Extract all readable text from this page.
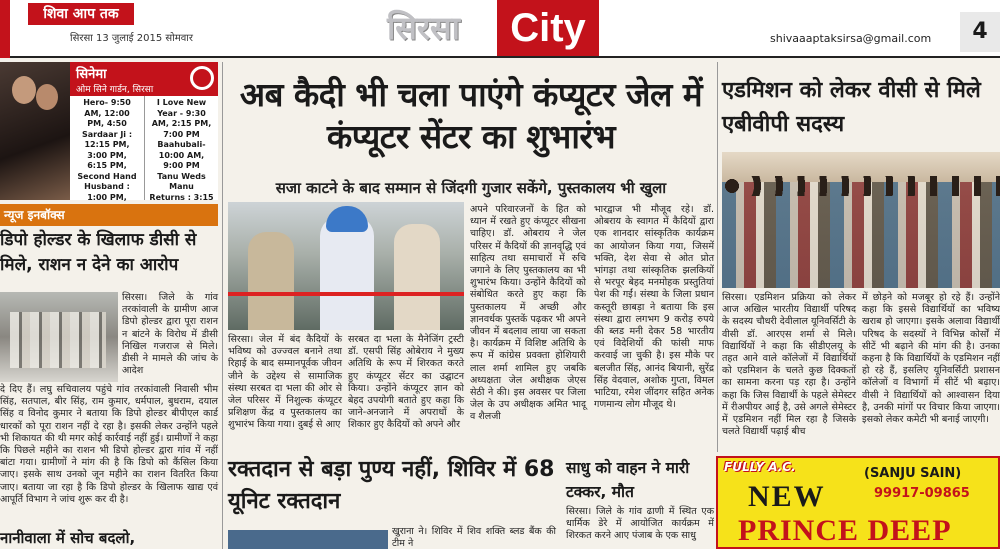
शिवा आप तक
सिरसा 13 जुलाई 2015 सोमवार	सिरसा	City	shivaaaptaksirsa@gmail.com	4
सिनेमा
ओम सिने गार्डन, सिरसा
Hero- 9:50
AM, 12:00
PM, 4:50
Sardaar Ji :
12:15 PM,
3:00 PM,
6:15 PM,
Second Hand
Husband :
1:00 PM,
I Love New
Year - 9:30
AM, 2:15 PM,
7:00 PM
Baahubali-
10:00 AM,
9:00 PM
Tanu Weds
Manu
Returns : 3:15
न्यूज इनबॉक्स
डिपो होल्डर के खिलाफ डीसी से मिले, राशन न देने का आरोप
सिरसा। जिले के गांव तरकांवाली के ग्रामीण आज डिपो होल्डर द्वारा पूरा राशन न बांटने के विरोध में डीसी निखिल गजराज से मिले। डीसी ने मामले की जांच के आदेश
दे दिए हैं। लघु सचिवालय पहुंचे गांव तरकांवाली निवासी भीम सिंह, सतपाल, बीर सिंह, राम कुमार, धर्मपाल, बुधराम, दयाल सिंह व विनोद कुमार ने बताया कि डिपो होल्डर बीपीएल कार्ड धारकों को पूरा राशन नहीं दे रहा है। इसकी लेकर उन्होंने पहले भी शिकायत की थी मगर कोई कार्रवाई नहीं हुई। ग्रामीणों ने कहा कि पिछले महीने का राशन भी डिपो होल्डर द्वारा गांव में नहीं बांटा गया। ग्रामीणों ने मांग की है कि डिपो को कैंसिल किया जाए। इसके साथ उनको जून महीने का राशन वितरित किया जाए। बताया जा रहा है कि डिपो होल्डर के खिलाफ खाद्य एवं आपूर्ति विभाग ने जांच शुरू कर दी है।
नानीवाला में सोच बदलो,
अब कैदी भी चला पाएंगे कंप्यूटर जेल में कंप्यूटर सेंटर का शुभारंभ
सजा काटने के बाद सम्मान से जिंदगी गुजार सकेंगे, पुस्तकालय भी खुला
सिरसा। जेल में बंद कैदियों के भविष्य को उज्ज्वल बनाने तथा रिहाई के बाद सम्मानपूर्वक जीवन जीने के उद्देश्य से सामाजिक संस्था सरबत दा भला की ओर से जेल परिसर में निशुल्क कंप्यूटर प्रशिक्षण केंद्र व पुस्तकालय का शुभारंभ किया गया। दुबई से आए
सरबत दा भला के मैनेजिंग ट्रस्टी डॉ. एसपी सिंह ओबेराय ने मुख्य अतिथि के रूप में शिरकत करते हुए कंप्यूटर सेंटर का उद्घाटन किया। उन्होंने कंप्यूटर ज्ञान को बेहद उपयोगी बताते हुए कहा कि जाने-अनजाने में अपराधों के शिकार हुए कैदियों को अपने और
अपने परिवारजनों के हित को ध्यान में रखते हुए कंप्यूटर सीखना चाहिए। डॉ. ओबराय ने जेल परिसर में कैदियों की ज्ञानवृद्धि एवं साहित्य तथा समाचारों में रुचि जगाने के लिए पुस्तकालय का भी शुभारंभ किया। उन्होंने कैदियों को संबोधित करते हुए कहा कि पुस्तकालय में अच्छी और ज्ञानवर्धक पुस्तकें पढ़कर भी अपने जीवन में बदलाव लाया जा सकता है। कार्यक्रम में विशिष्ट अतिथि के रूप में कांग्रेस प्रवक्ता होशियारी लाल शर्मा शामिल हुए जबकि अध्यक्षता जेल अधीक्षक जेएस सेठी ने की। इस अवसर पर जिला जेल के उप अधीक्षक अमित भादू व शैलजी
भारद्वाज भी मौजूद रहे। डॉ. ओबराय के स्वागत में कैदियों द्वारा एक शानदार सांस्कृतिक कार्यक्रम का आयोजन किया गया, जिसमें भक्ति, देश सेवा से ओत प्रोत भांगड़ा तथा सांस्कृतिक झलकियों से भरपूर बेहद मनमोहक प्रस्तुतियां पेश की गईं। संस्था के जिला प्रधान कस्तूरी छाबड़ा ने बताया कि इस संस्था द्वारा लगभग 9 करोड़ रुपये की ब्लड मनी देकर 58 भारतीय एवं विदेशियों की फांसी माफ करवाई जा चुकी है। इस मौके पर बलजीत सिंह, आनंद बियानी, सुरेंद्र सिंह वेदवाल, अशोक गुप्ता, विमल भाटिया, रमेश जींदगर सहित अनेक गणमान्य लोग मौजूद थे।
रक्तदान से बड़ा पुण्य नहीं, शिविर में 68 यूनिट रक्तदान
खुराना ने। शिविर में शिव शक्ति ब्लड बैंक की टीम ने
साधु को वाहन ने मारी टक्कर, मौत
सिरसा। जिले के गांव ढाणी में स्थित एक धार्मिक डेरे में आयोजित कार्यक्रम में शिरकत करने आए पंजाब के एक साधु
एडमिशन को लेकर वीसी से मिले एबीवीपी सदस्य
सिरसा। एडमिशन प्रक्रिया को लेकर आज अखिल भारतीय विद्यार्थी परिषद के सदस्य चौधरी देवीलाल यूनिवर्सिटी के वीसी डॉ. आरएस शर्मा से मिले। विद्यार्थियों ने कहा कि सीडीएलयू के तहत आने वाले कॉलेजों में विद्यार्थियों को एडमिशन के चलते कुछ दिक्कतों का सामना करना पड़ रहा है। उन्होंने कहा कि जिस विद्यार्थी के पहले सेमेस्टर में रीअपीयर आई है, उसे अगले सेमेस्टर में एडमिशन नहीं मिल रहा है जिसके चलते विद्यार्थी पढ़ाई बीच
में छोड़ने को मजबूर हो रहे हैं। उन्होंने कहा कि इससे विद्यार्थियों का भविष्य खराब हो जाएगा। इसके अलावा विद्यार्थी परिषद के सदस्यों ने विभिन्न कोर्सों में सीटें भी बढ़ाने की मांग की है। उनका कहना है कि विद्यार्थियों के एडमिशन नहीं हो रहे हैं, इसलिए यूनिवर्सिटी प्रशासन कॉलेजों व विभागों में सीटें भी बढ़ाए। वीसी ने विद्यार्थियों को आश्वासन दिया है, उनकी मांगों पर विचार किया जाएगा। इसको लेकर कमेटी भी बनाई जाएगी।
FULLY A.C.	(SANJU SAIN)
99917-09865
NEW
PRINCE DEEP
